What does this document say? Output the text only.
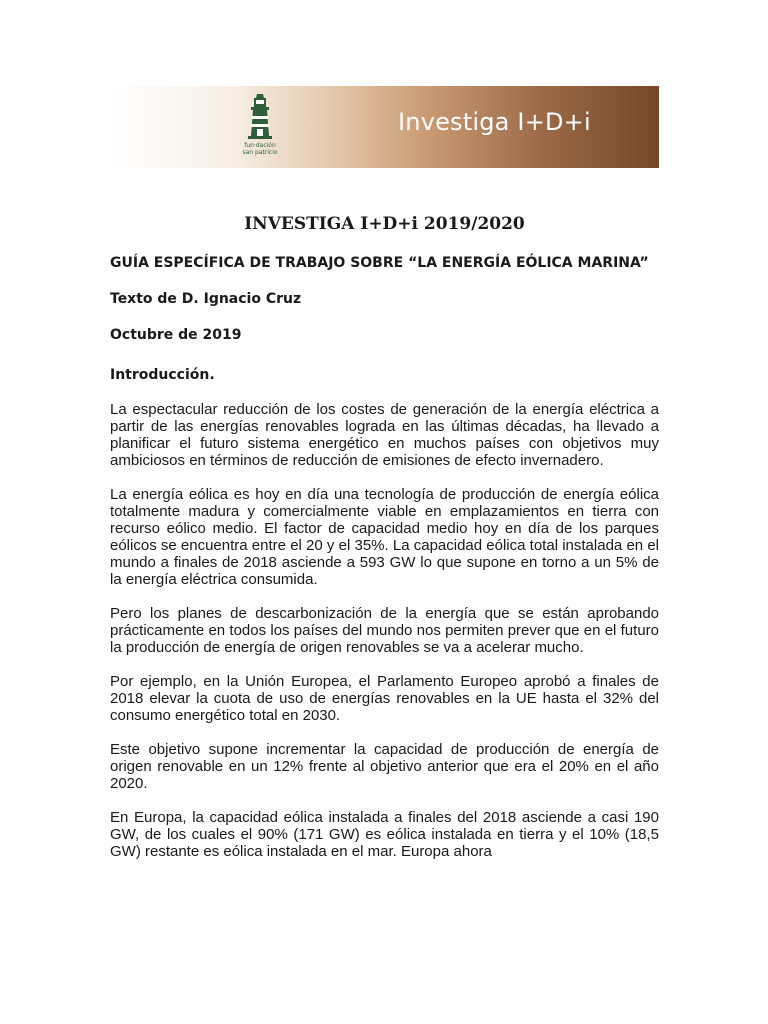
fun·dación
san patricio
Investiga I+D+i
INVESTIGA I+D+i 2019/2020
GUÍA ESPECÍFICA DE TRABAJO SOBRE “LA ENERGÍA EÓLICA MARINA”
Texto de D. Ignacio Cruz
Octubre de 2019
Introducción.

La espectacular reducción de los costes de generación de la energía eléctrica a partir de las energías renovables lograda en las últimas décadas, ha llevado a planificar el futuro sistema energético en muchos países con objetivos muy ambiciosos en términos de reducción de emisiones de efecto invernadero.

La energía eólica es hoy en día una tecnología de producción de energía eólica totalmente madura y comercialmente viable en emplazamientos en tierra con recurso eólico medio. El factor de capacidad medio hoy en día de los parques eólicos se encuentra entre el 20 y el 35%. La capacidad eólica total instalada en el mundo a finales de 2018 asciende a 593 GW lo que supone en torno a un 5% de la energía eléctrica consumida.

Pero los planes de descarbonización de la energía que se están aprobando prácticamente en todos los países del mundo nos permiten prever que en el futuro la producción de energía de origen renovables se va a acelerar mucho.

Por ejemplo, en la Unión Europea, el Parlamento Europeo aprobó a finales de 2018 elevar la cuota de uso de energías renovables en la UE hasta el 32% del consumo energético total en 2030.

Este objetivo supone incrementar la capacidad de producción de energía de origen renovable en un 12% frente al objetivo anterior que era el 20% en el año 2020.

En Europa, la capacidad eólica instalada a finales del 2018 asciende a casi 190 GW, de los cuales el 90% (171 GW) es eólica instalada en tierra y el 10% (18,5 GW) restante es eólica instalada en el mar. Europa ahora
